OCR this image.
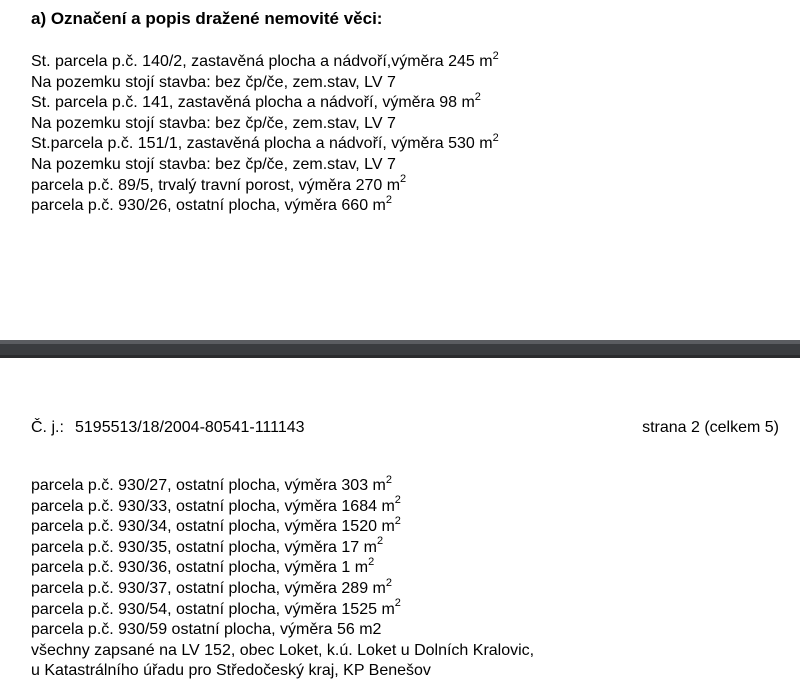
a) Označení a popis dražené nemovité věci:
St. parcela p.č. 140/2, zastavěná plocha a nádvoří,výměra 245 $m^2$
Na pozemku stojí stavba: bez čp/če, zem.stav, LV 7
St. parcela p.č. 141, zastavěná plocha a nádvoří, výměra 98 $m^2$
Na pozemku stojí stavba: bez čp/če, zem.stav, LV 7
St.parcela p.č. 151/1, zastavěná plocha a nádvoří, výměra 530 $m^2$
Na pozemku stojí stavba: bez čp/če, zem.stav, LV 7
parcela p.č. 89/5, trvalý travní porost, výměra 270 $m^2$
parcela p.č. 930/26, ostatní plocha, výměra 660 $m^2$
Č. j.: 5195513/18/2004-80541-111143	strana 2 (celkem 5)
parcela p.č. 930/27, ostatní plocha, výměra 303 $m^2$
parcela p.č. 930/33, ostatní plocha, výměra 1684 $m^2$
parcela p.č. 930/34, ostatní plocha, výměra 1520 $m^2$
parcela p.č. 930/35, ostatní plocha, výměra 17 $m^2$
parcela p.č. 930/36, ostatní plocha, výměra 1 $m^2$
parcela p.č. 930/37, ostatní plocha, výměra 289 $m^2$
parcela p.č. 930/54, ostatní plocha, výměra 1525 $m^2$
parcela p.č. 930/59 ostatní plocha, výměra 56 m2
všechny zapsané na LV 152, obec Loket, k.ú. Loket u Dolních Kralovic,
u Katastrálního úřadu pro Středočeský kraj, KP Benešov
